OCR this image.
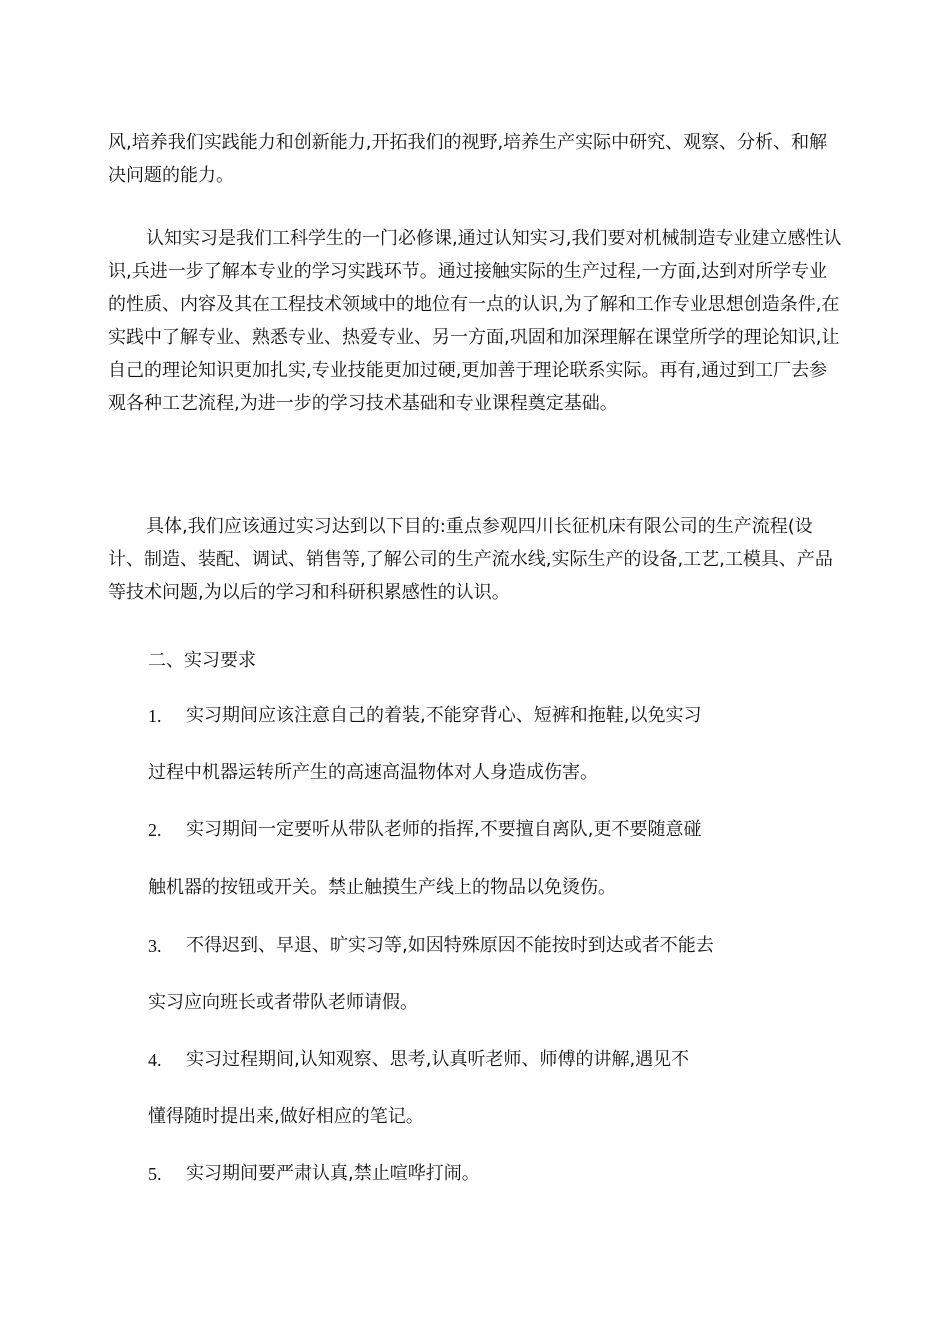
风,培养我们实践能力和创新能力,开拓我们的视野,培养生产实际中研究、观察、分析、和解决问题的能力。

认知实习是我们工科学生的一门必修课,通过认知实习,我们要对机械制造专业建立感性认识,兵进一步了解本专业的学习实践环节。通过接触实际的生产过程,一方面,达到对所学专业的性质、内容及其在工程技术领域中的地位有一点的认识,为了解和工作专业思想创造条件,在实践中了解专业、熟悉专业、热爱专业、另一方面,巩固和加深理解在课堂所学的理论知识,让自己的理论知识更加扎实,专业技能更加过硬,更加善于理论联系实际。再有,通过到工厂去参观各种工艺流程,为进一步的学习技术基础和专业课程奠定基础。

具体,我们应该通过实习达到以下目的:重点参观四川长征机床有限公司的生产流程(设计、制造、装配、调试、销售等,了解公司的生产流水线,实际生产的设备,工艺,工模具、产品等技术问题,为以后的学习和科研积累感性的认识。

二、实习要求

1. 实习期间应该注意自己的着装,不能穿背心、短裤和拖鞋,以免实习

过程中机器运转所产生的高速高温物体对人身造成伤害。

2. 实习期间一定要听从带队老师的指挥,不要擅自离队,更不要随意碰

触机器的按钮或开关。禁止触摸生产线上的物品以免烫伤。

3. 不得迟到、早退、旷实习等,如因特殊原因不能按时到达或者不能去

实习应向班长或者带队老师请假。

4. 实习过程期间,认知观察、思考,认真听老师、师傅的讲解,遇见不

懂得随时提出来,做好相应的笔记。

5. 实习期间要严肃认真,禁止喧哗打闹。
